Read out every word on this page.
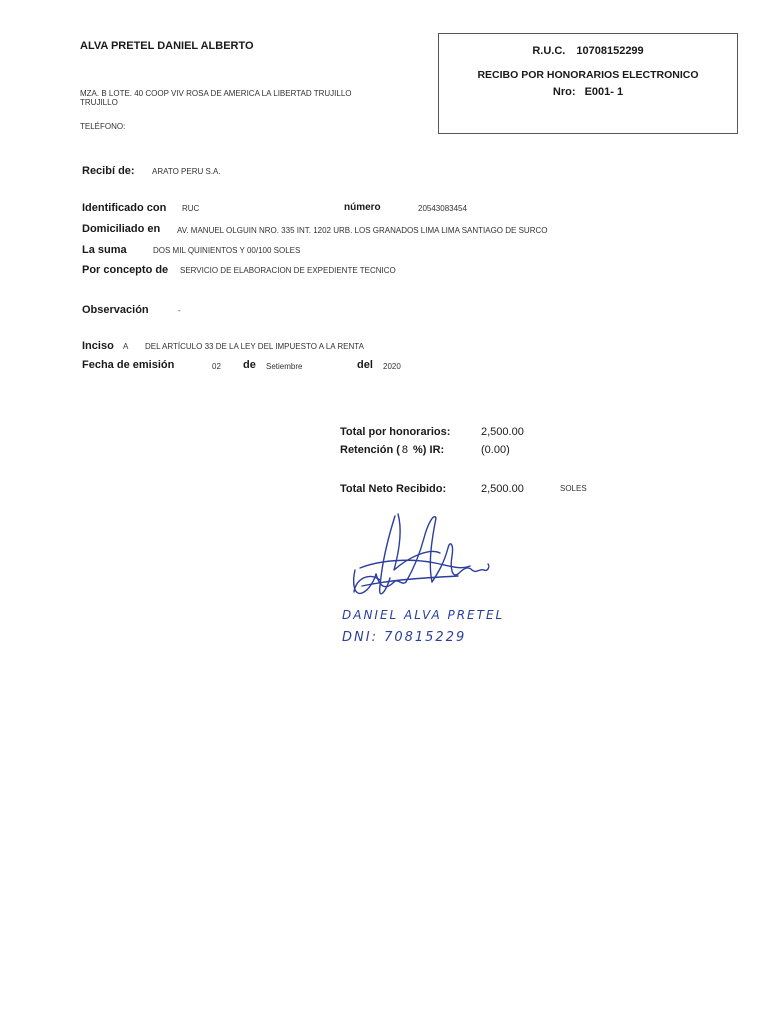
ALVA PRETEL DANIEL ALBERTO
MZA. B LOTE. 40 COOP VIV ROSA DE AMERICA LA LIBERTAD TRUJILLO
TRUJILLO
TELÉFONO:
R.U.C. 10708152299
RECIBO POR HONORARIOS ELECTRONICO
Nro: E001- 1
Recibí de: ARATO PERU S.A.
Identificado con RUC	número	20543083454
Domiciliado en AV. MANUEL OLGUIN NRO. 335 INT. 1202 URB. LOS GRANADOS LIMA LIMA SANTIAGO DE SURCO
La suma	DOS MIL QUINIENTOS Y 00/100 SOLES
Por concepto de SERVICIO DE ELABORACION DE EXPEDIENTE TECNICO
Observación	-
Inciso A DEL ARTÍCULO 33 DE LA LEY DEL IMPUESTO A LA RENTA
Fecha de emisión	02 de Setiembre	del 2020
Total por honorarios:	2,500.00
Retención ( 8 %) IR:	(0.00)
Total Neto Recibido:	2,500.00	SOLES
DANIEL ALVA PRETEL
DNI: 70815229
